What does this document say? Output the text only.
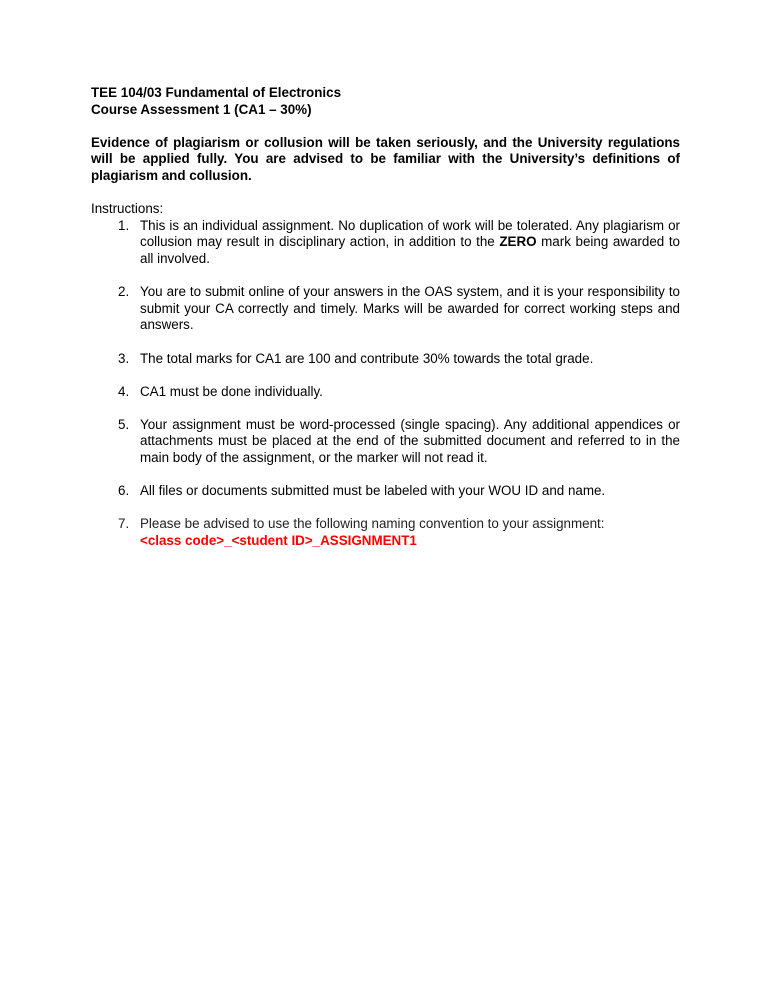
TEE 104/03 Fundamental of Electronics
Course Assessment 1 (CA1 – 30%)
Evidence of plagiarism or collusion will be taken seriously, and the University regulations will be applied fully. You are advised to be familiar with the University’s definitions of plagiarism and collusion.
Instructions:
1. This is an individual assignment. No duplication of work will be tolerated. Any plagiarism or collusion may result in disciplinary action, in addition to the ZERO mark being awarded to all involved.
2. You are to submit online of your answers in the OAS system, and it is your responsibility to submit your CA correctly and timely. Marks will be awarded for correct working steps and answers.
3. The total marks for CA1 are 100 and contribute 30% towards the total grade.
4. CA1 must be done individually.
5. Your assignment must be word-processed (single spacing). Any additional appendices or attachments must be placed at the end of the submitted document and referred to in the main body of the assignment, or the marker will not read it.
6. All files or documents submitted must be labeled with your WOU ID and name.
7. Please be advised to use the following naming convention to your assignment:
<class code>_<student ID>_ASSIGNMENT1
